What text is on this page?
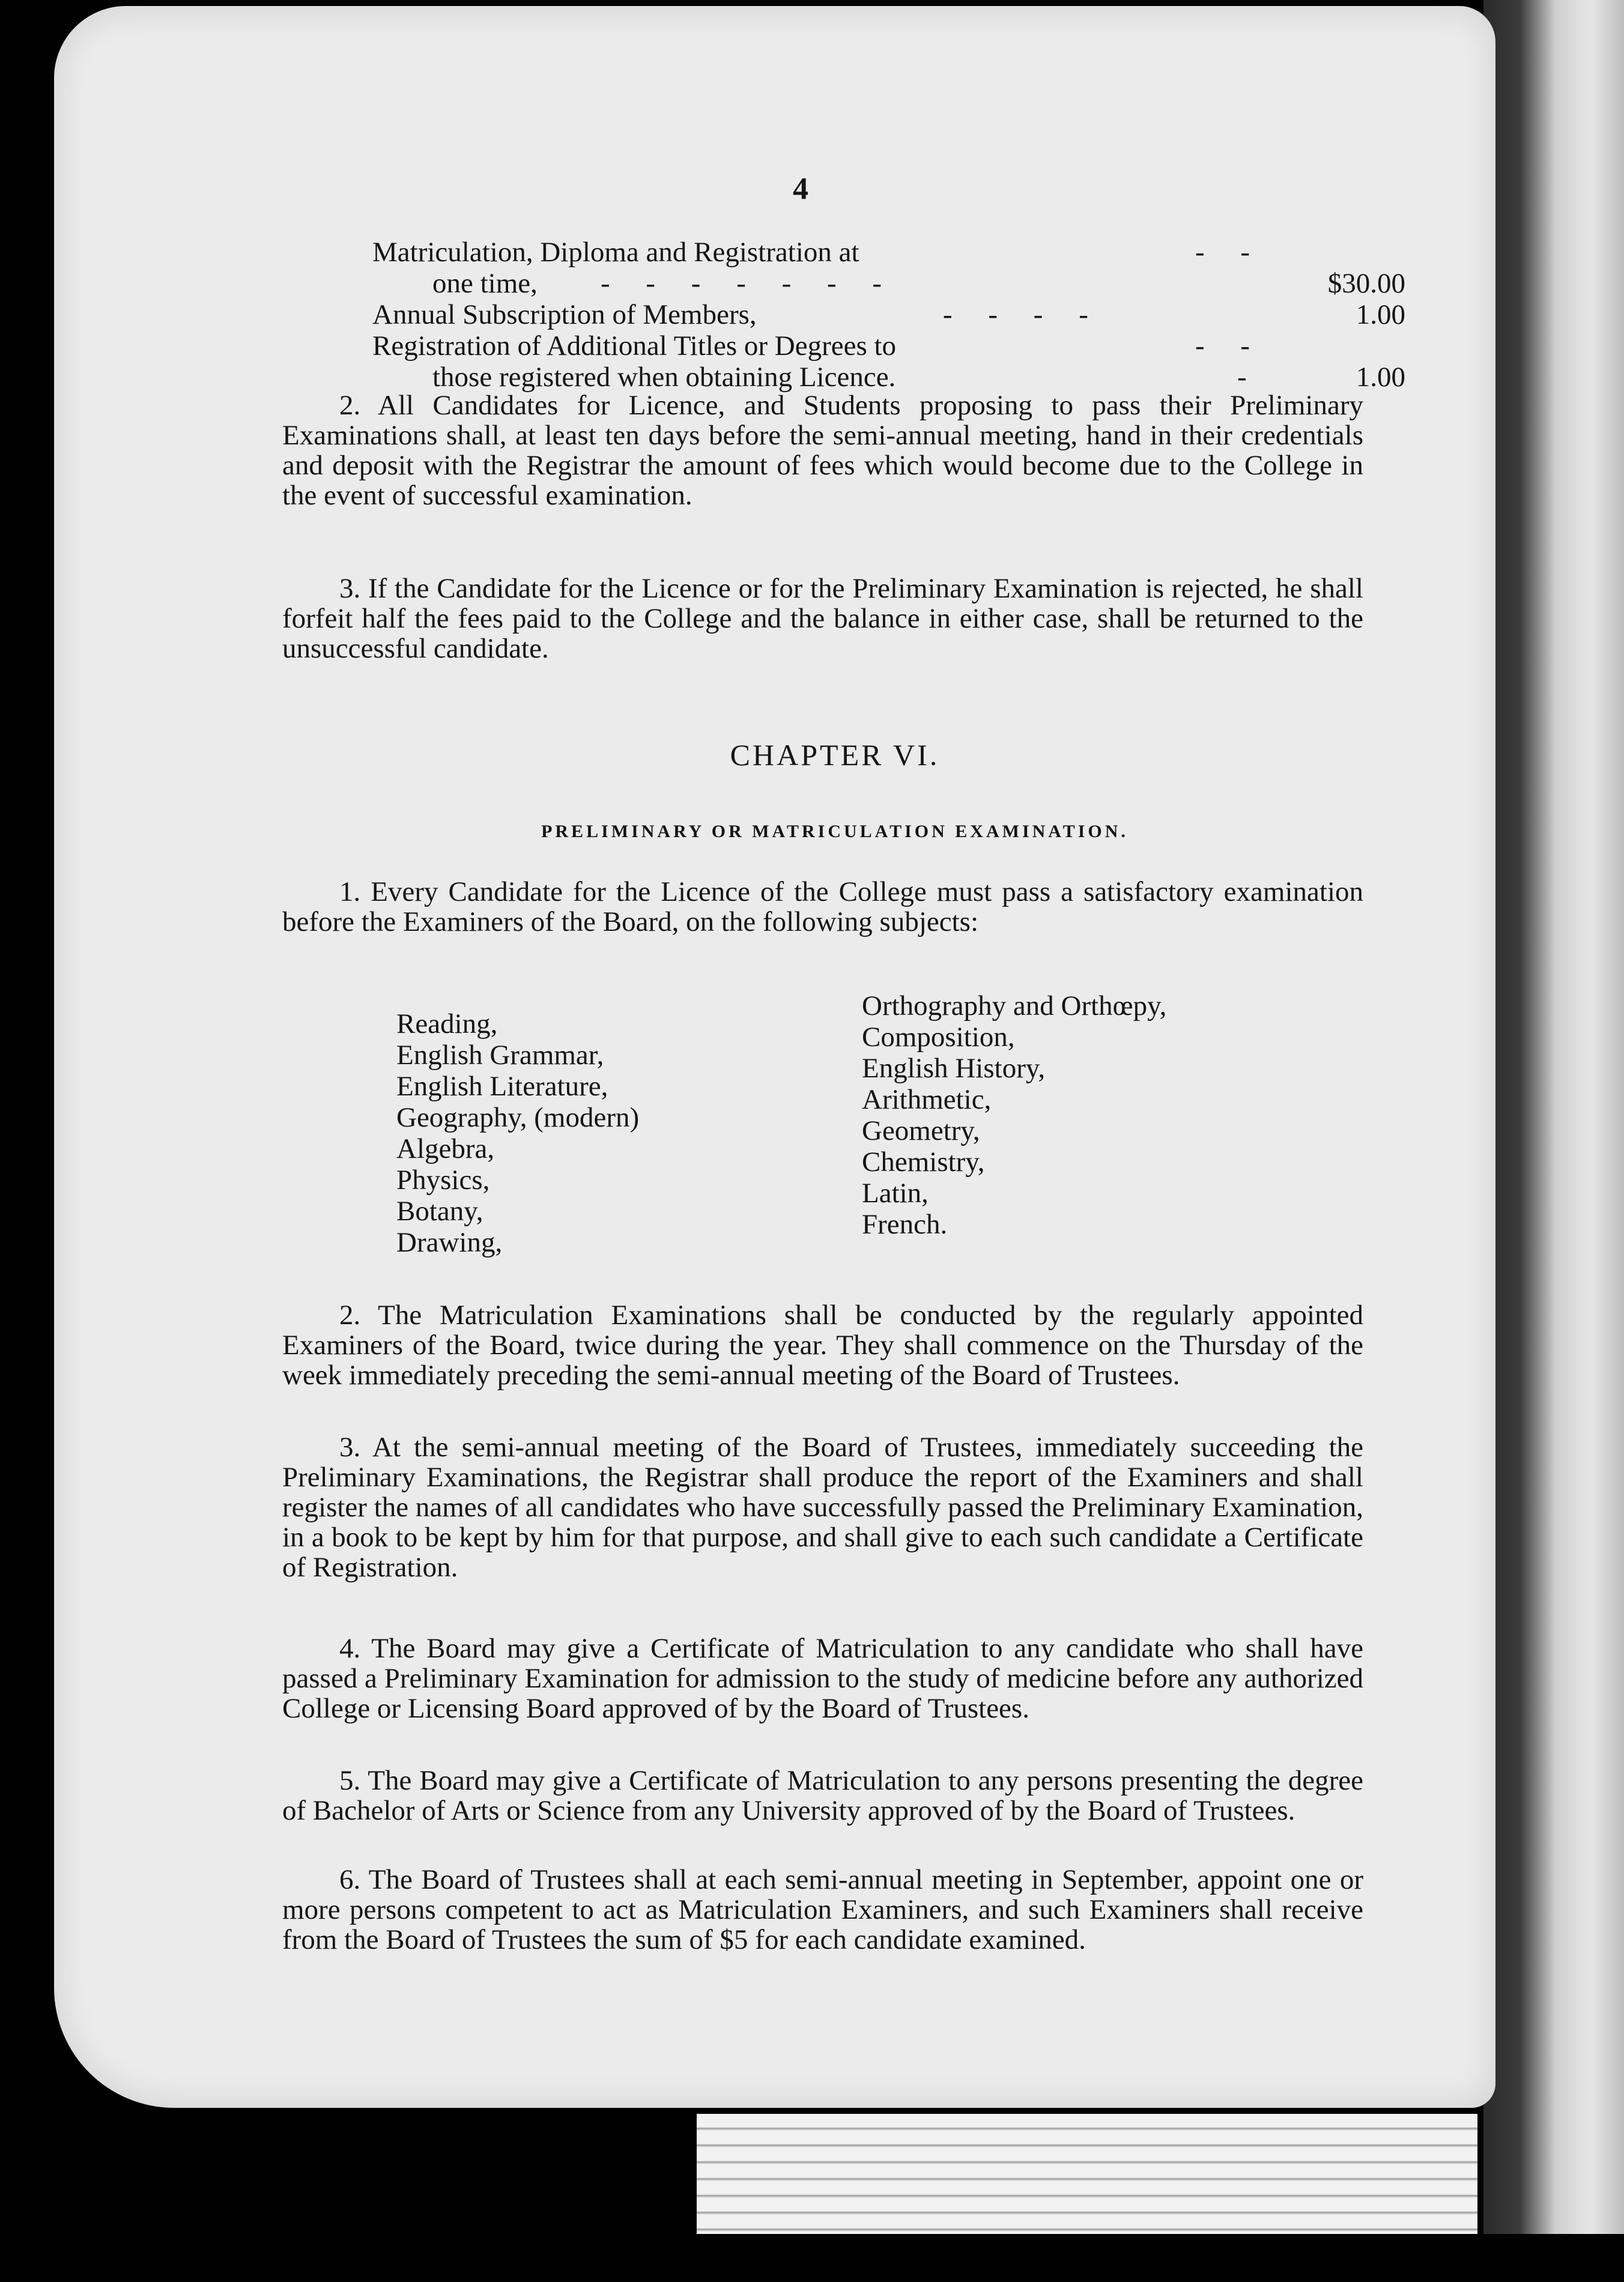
4
Matriculation, Diploma and Registration at	- -
one time, - - - - - - -	$30.00
Annual Subscription of Members,	- - - -	1.00
Registration of Additional Titles or Degrees to	- -
those registered when obtaining Licence.	-	1.00

2. All Candidates for Licence, and Students proposing to pass their Preliminary Examinations shall, at least ten days before the semi-annual meeting, hand in their credentials and deposit with the Registrar the amount of fees which would become due to the College in the event of successful examination.

3. If the Candidate for the Licence or for the Preliminary Examination is rejected, he shall forfeit half the fees paid to the College and the balance in either case, shall be returned to the unsuccessful candidate.

CHAPTER VI.
PRELIMINARY OR MATRICULATION EXAMINATION.

1. Every Candidate for the Licence of the College must pass a satisfactory examination before the Examiners of the Board, on the following subjects:

Reading,
English Grammar,
English Literature,
Geography, (modern)
Algebra,
Physics,
Botany,
Drawing,
Orthography and Orthœpy,
Composition,
English History,
Arithmetic,
Geometry,
Chemistry,
Latin,
French.

2. The Matriculation Examinations shall be conducted by the regularly appointed Examiners of the Board, twice during the year. They shall commence on the Thursday of the week immediately preceding the semi-annual meeting of the Board of Trustees.

3. At the semi-annual meeting of the Board of Trustees, immediately succeeding the Preliminary Examinations, the Registrar shall produce the report of the Examiners and shall register the names of all candidates who have successfully passed the Preliminary Examination, in a book to be kept by him for that purpose, and shall give to each such candidate a Certificate of Registration.

4. The Board may give a Certificate of Matriculation to any candidate who shall have passed a Preliminary Examination for admission to the study of medicine before any authorized College or Licensing Board approved of by the Board of Trustees.

5. The Board may give a Certificate of Matriculation to any persons presenting the degree of Bachelor of Arts or Science from any University approved of by the Board of Trustees.

6. The Board of Trustees shall at each semi-annual meeting in September, appoint one or more persons competent to act as Matriculation Examiners, and such Examiners shall receive from the Board of Trustees the sum of $5 for each candidate examined.
